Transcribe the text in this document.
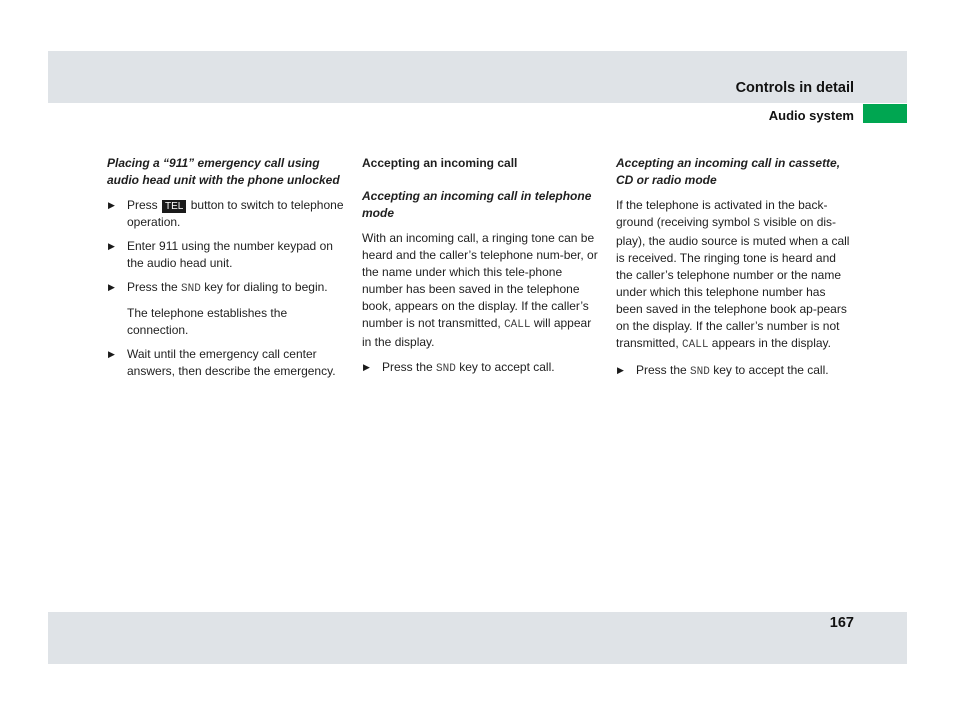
Controls in detail
Audio system
Placing a “911” emergency call using audio head unit with the phone unlocked
▶ Press TEL button to switch to telephone operation.
▶ Enter 911 using the number keypad on the audio head unit.
▶ Press the SND key for dialing to begin.
The telephone establishes the connection.
▶ Wait until the emergency call center answers, then describe the emergency.
Accepting an incoming call
Accepting an incoming call in telephone mode

With an incoming call, a ringing tone can be heard and the caller’s telephone num-ber, or the name under which this tele-phone number has been saved in the telephone book, appears on the display. If the caller’s number is not transmitted, CALL will appear in the display.

▶ Press the SND key to accept call.
Accepting an incoming call in cassette, CD or radio mode

If the telephone is activated in the back-ground (receiving symbol S visible on dis-play), the audio source is muted when a call is received. The ringing tone is heard and the caller’s telephone number or the name under which this telephone number has been saved in the telephone book ap-pears on the display. If the caller’s number is not transmitted, CALL appears in the display.

▶ Press the SND key to accept the call.
167
